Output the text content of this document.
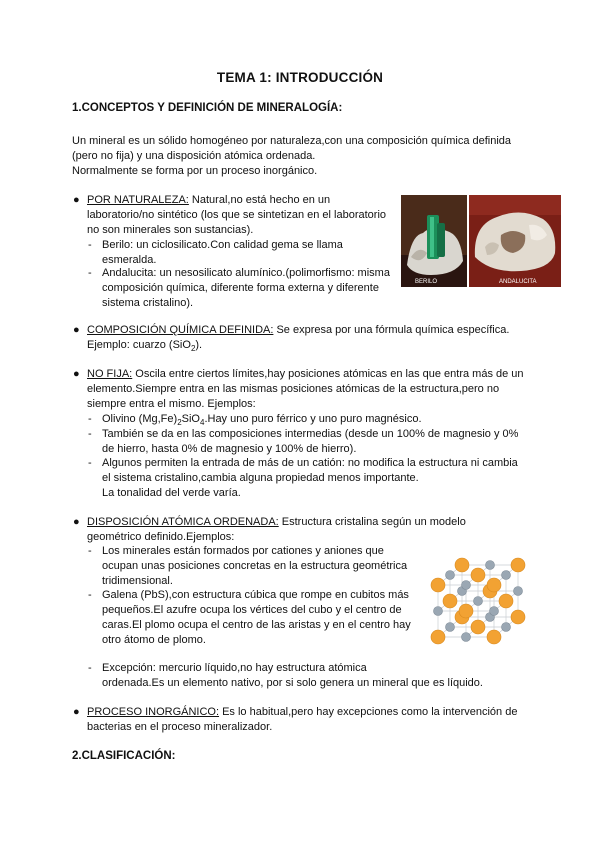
TEMA 1: INTRODUCCIÓN
1.CONCEPTOS Y DEFINICIÓN DE MINERALOGÍA:
Un mineral es un sólido homogéneo por naturaleza,con una composición química definida
(pero no fija) y una disposición atómica ordenada.
Normalmente se forma por un proceso inorgánico.
● POR NATURALEZA: Natural,no está hecho en un
laboratorio/no sintético (los que se sintetizan en el laboratorio
no son minerales son sustancias).
- Berilo: un ciclosilicato.Con calidad gema se llama
esmeralda.
- Andalucita: un nesosilicato alumínico.(polimorfismo: misma
composición química, diferente forma externa y diferente
sistema cristalino).
BERILO	ANDALUCITA
● COMPOSICIÓN QUÍMICA DEFINIDA: Se expresa por una fórmula química específica.
Ejemplo: cuarzo (SiO$_2$).
● NO FIJA: Oscila entre ciertos límites,hay posiciones atómicas en las que entra más de un
elemento.Siempre entra en las mismas posiciones atómicas de la estructura,pero no
siempre entra el mismo. Ejemplos:
- Olivino $(Mg,Fe)_2SiO_4.Hay$ uno puro férrico y uno puro magnésico.
- También se da en las composiciones intermedias (desde un 100% de magnesio y 0%
de hierro, hasta 0% de magnesio y 100% de hierro).
- Algunos permiten la entrada de más de un catión: no modifica la estructura ni cambia
el sistema cristalino,cambia alguna propiedad menos importante.
La tonalidad del verde varía.
● DISPOSICIÓN ATÓMICA ORDENADA: Estructura cristalina según un modelo
geométrico definido.Ejemplos:
- Los minerales están formados por cationes y aniones que
ocupan unas posiciones concretas en la estructura geométrica
tridimensional.
- Galena (PbS),con estructura cúbica que rompe en cubitos más
pequeños.El azufre ocupa los vértices del cubo y el centro de
caras.El plomo ocupa el centro de las aristas y en el centro hay
otro átomo de plomo.
- Excepción: mercurio líquido,no hay estructura atómica
ordenada.Es un elemento nativo, por si solo genera un mineral que es líquido.
● PROCESO INORGÁNICO: Es lo habitual,pero hay excepciones como la intervención de
bacterias en el proceso mineralizador.
2.CLASIFICACIÓN:
